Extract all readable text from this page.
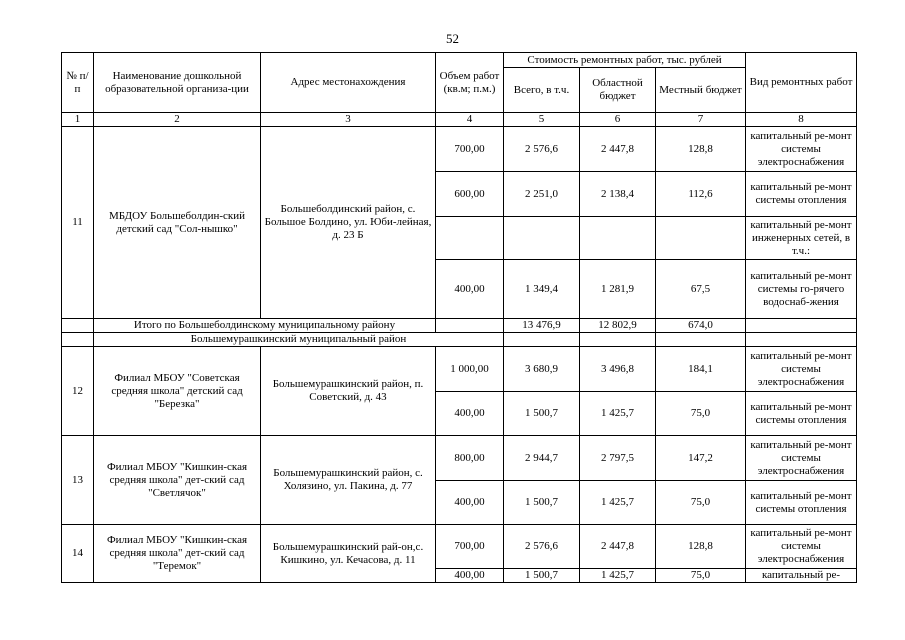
52
№ п/п	Наименование дошкольной образовательной организа-ции	Адрес местонахождения	Объем работ (кв.м; п.м.)	Стоимость ремонтных работ, тыс. рублей			Вид ремонтных работ
				Всего, в т.ч.	Областной бюджет	Местный бюджет	
1	2	3	4	5	6	7	8
11	МБДОУ Большеболдин-ский детский сад "Сол-нышко"	Большеболдинский район, с. Большое Болдино, ул. Юби-лейная, д. 23 Б	700,00	2 576,6	2 447,8	128,8	капитальный ре-монт системы электроснабжения
			600,00	2 251,0	2 138,4	112,6	капитальный ре-монт системы отопления
							капитальный ре-монт инженерных сетей, в т.ч.:
			400,00	1 349,4	1 281,9	67,5	капитальный ре-монт системы го-рячего водоснаб-жения
	Итого по Большеболдинскому муниципальному району			13 476,9	12 802,9	674,0	
	Большемурашкинский муниципальный район						
12	Филиал МБОУ "Советская средняя школа" детский сад "Березка"	Большемурашкинский район, п. Советский, д. 43	1 000,00	3 680,9	3 496,8	184,1	капитальный ре-монт системы электроснабжения
			400,00	1 500,7	1 425,7	75,0	капитальный ре-монт системы отопления
13	Филиал МБОУ "Кишкин-ская средняя школа" дет-ский сад "Светлячок"	Большемурашкинский район, с. Холязино, ул. Пакина, д. 77	800,00	2 944,7	2 797,5	147,2	капитальный ре-монт системы электроснабжения
			400,00	1 500,7	1 425,7	75,0	капитальный ре-монт системы отопления
14	Филиал МБОУ "Кишкин-ская средняя школа" дет-ский сад "Теремок"	Большемурашкинский рай-он,с. Кишкино, ул. Кечасова, д. 11	700,00	2 576,6	2 447,8	128,8	капитальный ре-монт системы электроснабжения
			400,00	1 500,7	1 425,7	75,0	капитальный ре-
